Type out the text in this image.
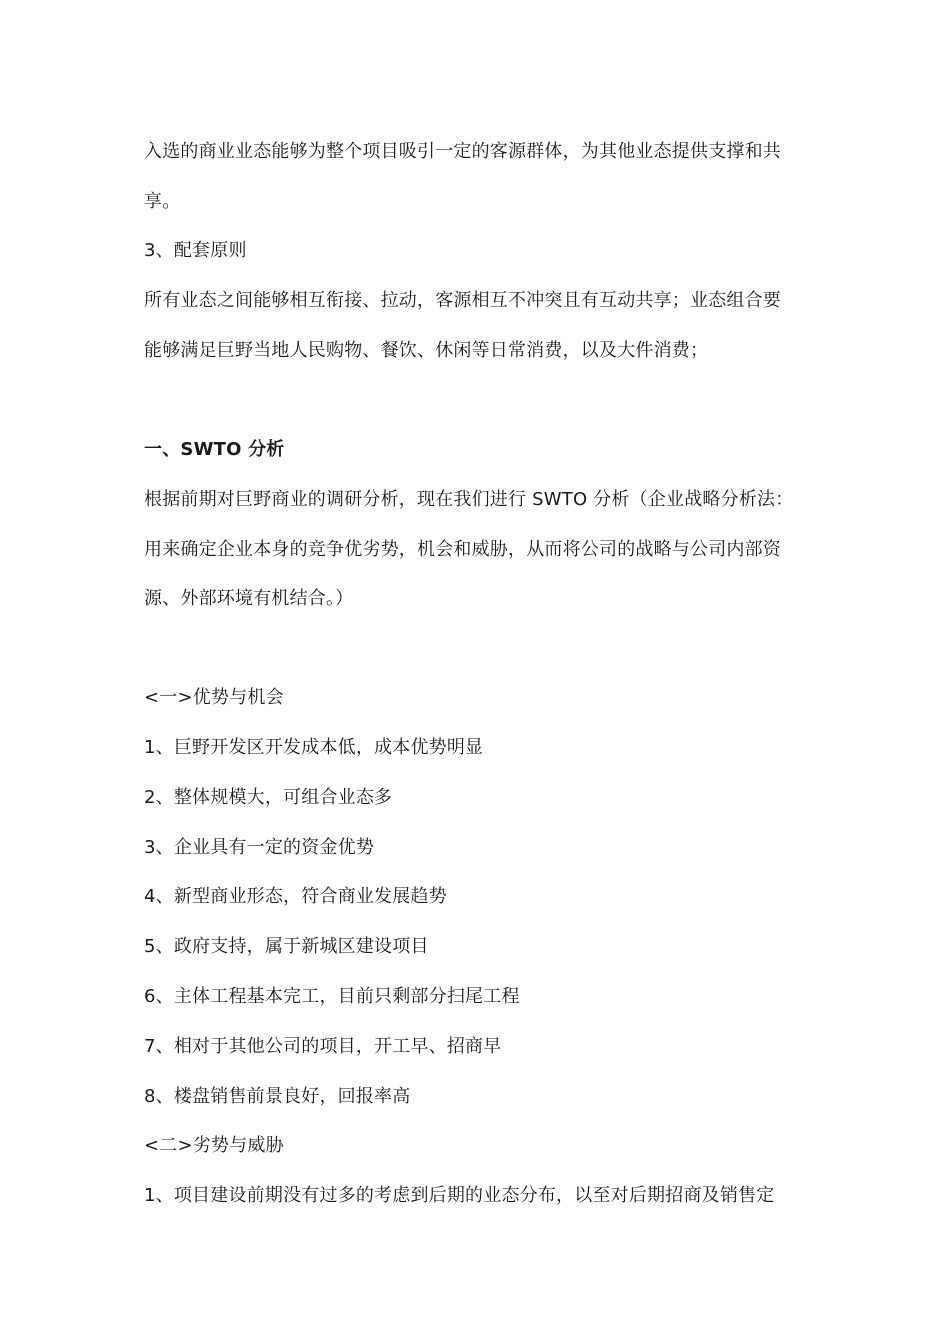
入选的商业业态能够为整个项目吸引一定的客源群体，为其他业态提供支撑和共
享。
3、配套原则
所有业态之间能够相互衔接、拉动，客源相互不冲突且有互动共享；业态组合要
能够满足巨野当地人民购物、餐饮、休闲等日常消费，以及大件消费；
一、SWTO 分析
根据前期对巨野商业的调研分析，现在我们进行 SWTO 分析（企业战略分析法：
用来确定企业本身的竞争优劣势，机会和威胁，从而将公司的战略与公司内部资
源、外部环境有机结合。）
<一>优势与机会
1、巨野开发区开发成本低，成本优势明显
2、整体规模大，可组合业态多
3、企业具有一定的资金优势
4、新型商业形态，符合商业发展趋势
5、政府支持，属于新城区建设项目
6、主体工程基本完工，目前只剩部分扫尾工程
7、相对于其他公司的项目，开工早、招商早
8、楼盘销售前景良好，回报率高
<二>劣势与威胁
1、项目建设前期没有过多的考虑到后期的业态分布，以至对后期招商及销售定
